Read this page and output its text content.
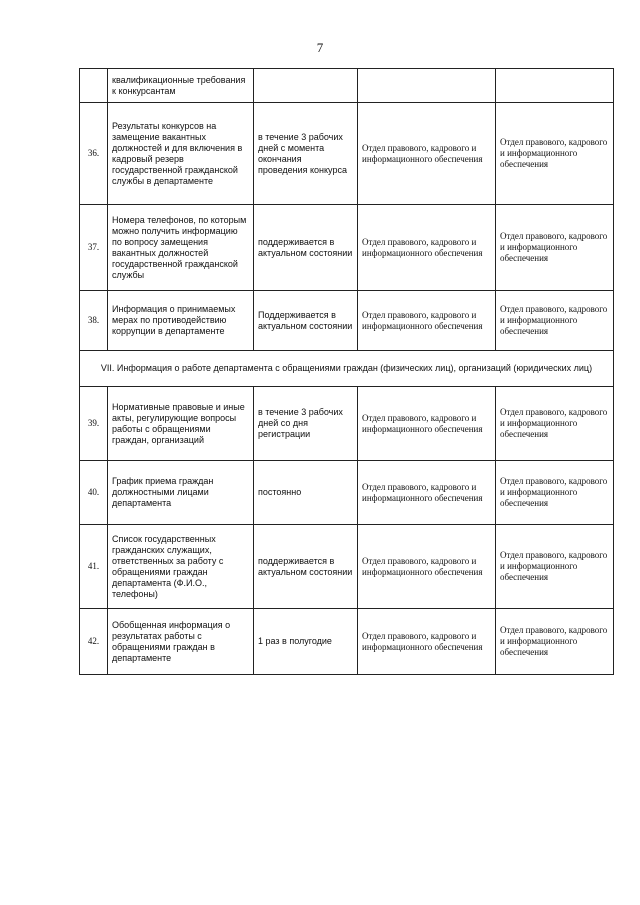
7
	квалификационные требования к конкурсантам			
36.	Результаты конкурсов на замещение вакантных должностей и для включения в кадровый резерв государственной гражданской службы в департаменте	в течение 3 рабочих дней с момента окончания проведения конкурса	Отдел правового, кадрового и информационного обеспечения	Отдел правового, кадрового и информационного обеспечения
37.	Номера телефонов, по которым можно получить информацию по вопросу замещения вакантных должностей государственной гражданской службы	поддерживается в актуальном состоянии	Отдел правового, кадрового и информационного обеспечения	Отдел правового, кадрового и информационного обеспечения
38.	Информация о принимаемых мерах по противодействию коррупции в департаменте	Поддерживается в актуальном состоянии	Отдел правового, кадрового и информационного обеспечения	Отдел правового, кадрового и информационного обеспечения
VII. Информация о работе департамента с обращениями граждан (физических лиц), организаций (юридических лиц)				
39.	Нормативные правовые и иные акты, регулирующие вопросы работы с обращениями граждан, организаций	в течение 3 рабочих дней со дня регистрации	Отдел правового, кадрового и информационного обеспечения	Отдел правового, кадрового и информационного обеспечения
40.	График приема граждан должностными лицами департамента	постоянно	Отдел правового, кадрового и информационного обеспечения	Отдел правового, кадрового и информационного обеспечения
41.	Список государственных гражданских служащих, ответственных за работу с обращениями граждан департамента (Ф.И.О., телефоны)	поддерживается в актуальном состоянии	Отдел правового, кадрового и информационного обеспечения	Отдел правового, кадрового и информационного обеспечения
42.	Обобщенная информация о результатах работы с обращениями граждан в департаменте	1 раз в полугодие	Отдел правового, кадрового и информационного обеспечения	Отдел правового, кадрового и информационного обеспечения
